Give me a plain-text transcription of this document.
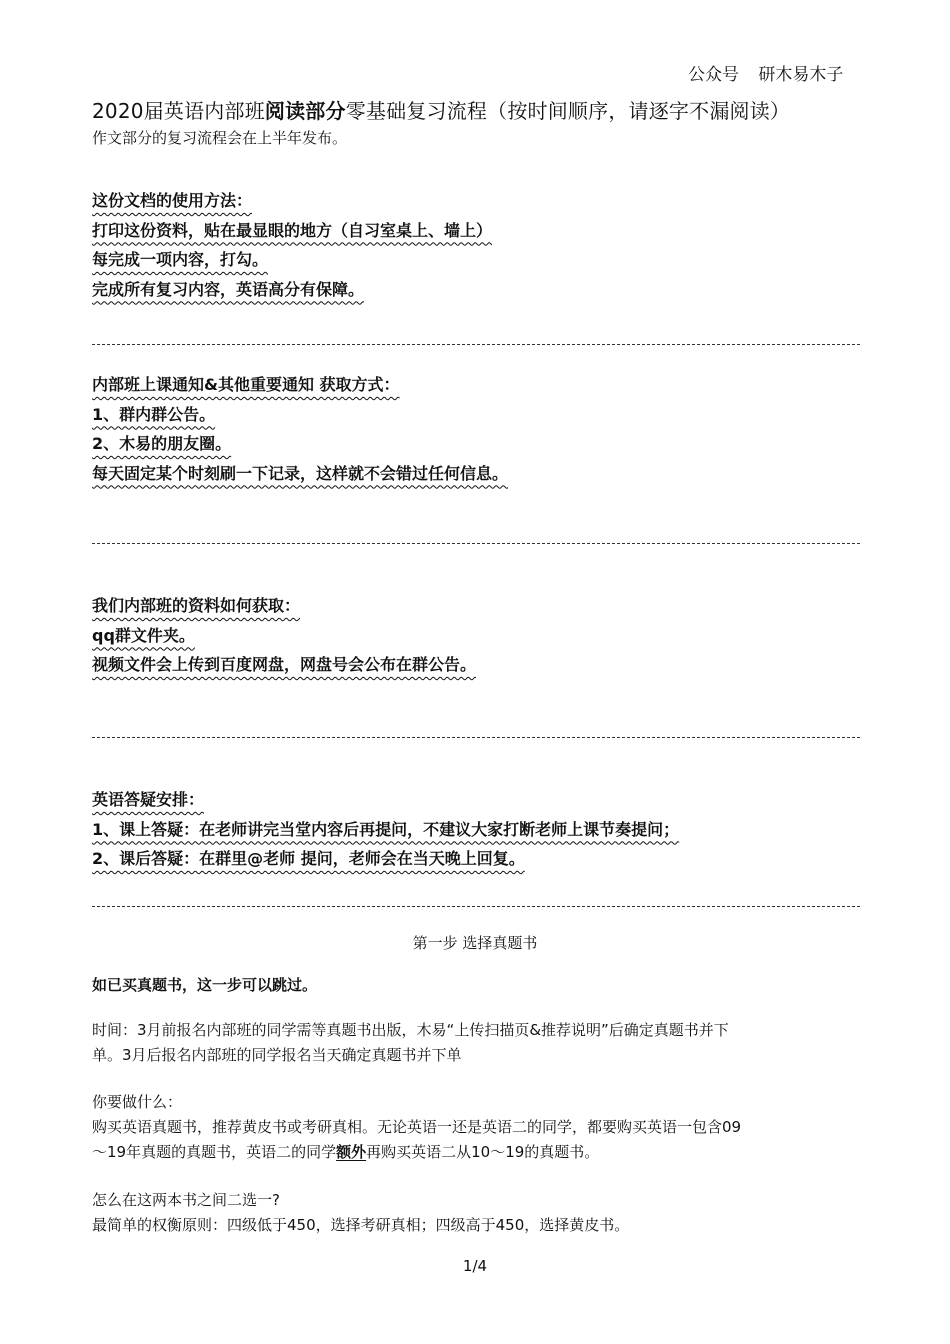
公众号 研木易木子
2020届英语内部班阅读部分零基础复习流程（按时间顺序，请逐字不漏阅读）
作文部分的复习流程会在上半年发布。

这份文档的使用方法：

打印这份资料，贴在最显眼的地方（自习室桌上、墙上）

每完成一项内容，打勾。

完成所有复习内容，英语高分有保障。

内部班上课通知&其他重要通知 获取方式：

1、群内群公告。

2、木易的朋友圈。

每天固定某个时刻刷一下记录，这样就不会错过任何信息。

我们内部班的资料如何获取：

qq群文件夹。

视频文件会上传到百度网盘，网盘号会公布在群公告。

英语答疑安排：

1、课上答疑：在老师讲完当堂内容后再提问，不建议大家打断老师上课节奏提问；

2、课后答疑：在群里@老师 提问，老师会在当天晚上回复。

第一步 选择真题书
如已买真题书，这一步可以跳过。

时间：3月前报名内部班的同学需等真题书出版，木易“上传扫描页&推荐说明”后确定真题书并下

单。3月后报名内部班的同学报名当天确定真题书并下单

你要做什么：

购买英语真题书，推荐黄皮书或考研真相。无论英语一还是英语二的同学，都要购买英语一包含09

～19年真题的真题书，英语二的同学额外再购买英语二从10～19的真题书。

怎么在这两本书之间二选一?

最简单的权衡原则：四级低于450，选择考研真相；四级高于450，选择黄皮书。

1/4
